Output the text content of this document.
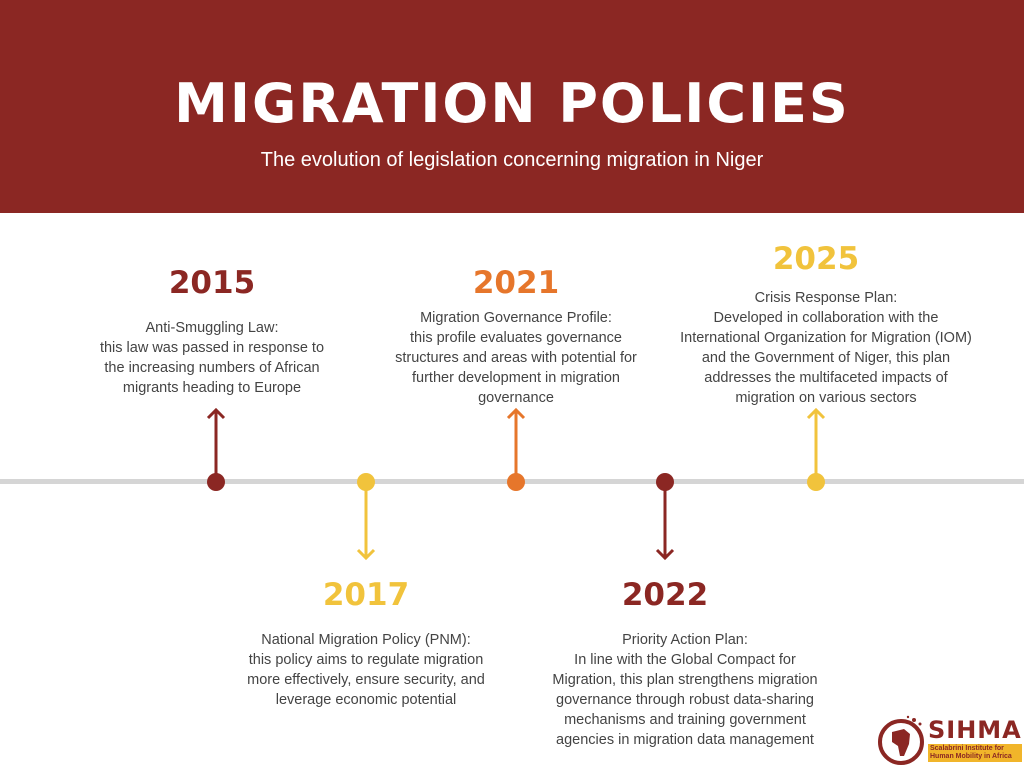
MIGRATION POLICIES
The evolution of legislation concerning migration in Niger
2015
Anti-Smuggling Law:
this law was passed in response to
the increasing numbers of African
migrants heading to Europe
2017
National Migration Policy (PNM):
this policy aims to regulate migration
more effectively, ensure security, and
leverage economic potential
2021
Migration Governance Profile:
this profile evaluates governance
structures and areas with potential for
further development in migration
governance
2022
Priority Action Plan:
In line with the Global Compact for
Migration, this plan strengthens migration
governance through robust data-sharing
mechanisms and training government
agencies in migration data management
2025
Crisis Response Plan:
Developed in collaboration with the
International Organization for Migration (IOM)
and the Government of Niger, this plan
addresses the multifaceted impacts of
migration on various sectors
SIHMA
Scalabrini Institute for Human Mobility in Africa
